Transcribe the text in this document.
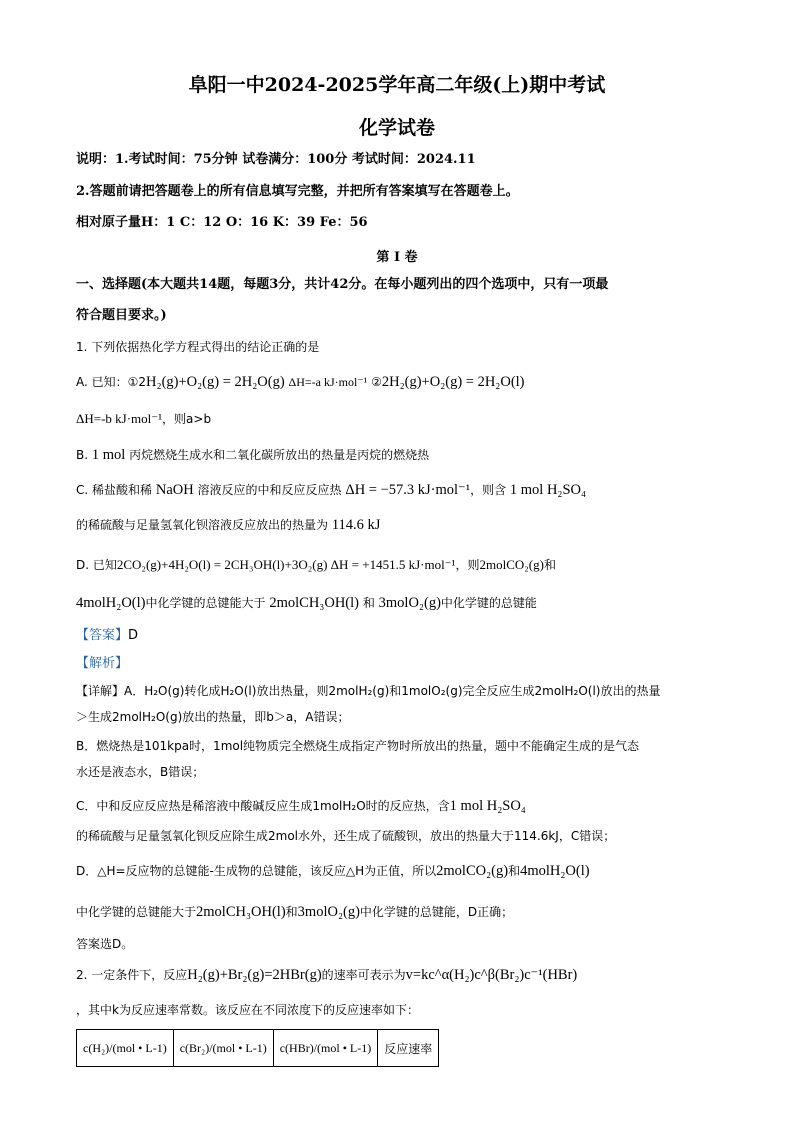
阜阳一中2024-2025学年高二年级(上)期中考试
化学试卷
说明：1.考试时间：75分钟 试卷满分：100分 考试时间：2024.11
2.答题前请把答题卷上的所有信息填写完整，并把所有答案填写在答题卷上。
相对原子量H：1 C：12 O：16 K：39 Fe：56
第 I 卷
一、选择题(本大题共14题，每题3分，共计42分。在每小题列出的四个选项中，只有一项最
符合题目要求。)
1. 下列依据热化学方程式得出的结论正确的是
A. 已知：①2H₂(g)+O₂(g) = 2H₂O(g) ΔH=-a kJ·mol⁻¹ ②2H₂(g)+O₂(g) = 2H₂O(l)
ΔH=-b kJ·mol⁻¹，则a>b
B. 1 mol 丙烷燃烧生成水和二氧化碳所放出的热量是丙烷的燃烧热
C. 稀盐酸和稀 NaOH 溶液反应的中和反应反应热 ΔH = −57.3 kJ·mol⁻¹，则含 1 mol H₂SO₄
的稀硫酸与足量氢氧化钡溶液反应放出的热量为 114.6 kJ
D. 已知2CO₂(g)+4H₂O(l) = 2CH₃OH(l)+3O₂(g) ΔH = +1451.5 kJ·mol⁻¹，则2molCO₂(g)和
4molH₂O(l)中化学键的总键能大于 2molCH₃OH(l) 和 3molO₂(g)中化学键的总键能
【答案】D
【解析】
【详解】A．H₂O(g)转化成H₂O(l)放出热量，则2molH₂(g)和1molO₂(g)完全反应生成2molH₂O(l)放出的热量
＞生成2molH₂O(g)放出的热量，即b＞a，A错误；
B．燃烧热是101kpa时，1mol纯物质完全燃烧生成指定产物时所放出的热量，题中不能确定生成的是气态
水还是液态水，B错误；
C．中和反应反应热是稀溶液中酸碱反应生成1molH₂O时的反应热，含1 mol H₂SO₄
的稀硫酸与足量氢氧化钡反应除生成2mol水外，还生成了硫酸钡，放出的热量大于114.6kJ，C错误；
D．△H=反应物的总键能-生成物的总键能，该反应△H为正值，所以2molCO₂(g)和4molH₂O(l)
中化学键的总键能大于2molCH₃OH(l)和3molO₂(g)中化学键的总键能，D正确；
答案选D。
2. 一定条件下，反应H₂(g)+Br₂(g)=2HBr(g)的速率可表示为v=kc^α(H₂)c^β(Br₂)c⁻¹(HBr)
，其中k为反应速率常数。该反应在不同浓度下的反应速率如下：
c(H₂)/(mol • L-1)	c(Br₂)/(mol • L-1)	c(HBr)/(mol • L-1)	反应速率
